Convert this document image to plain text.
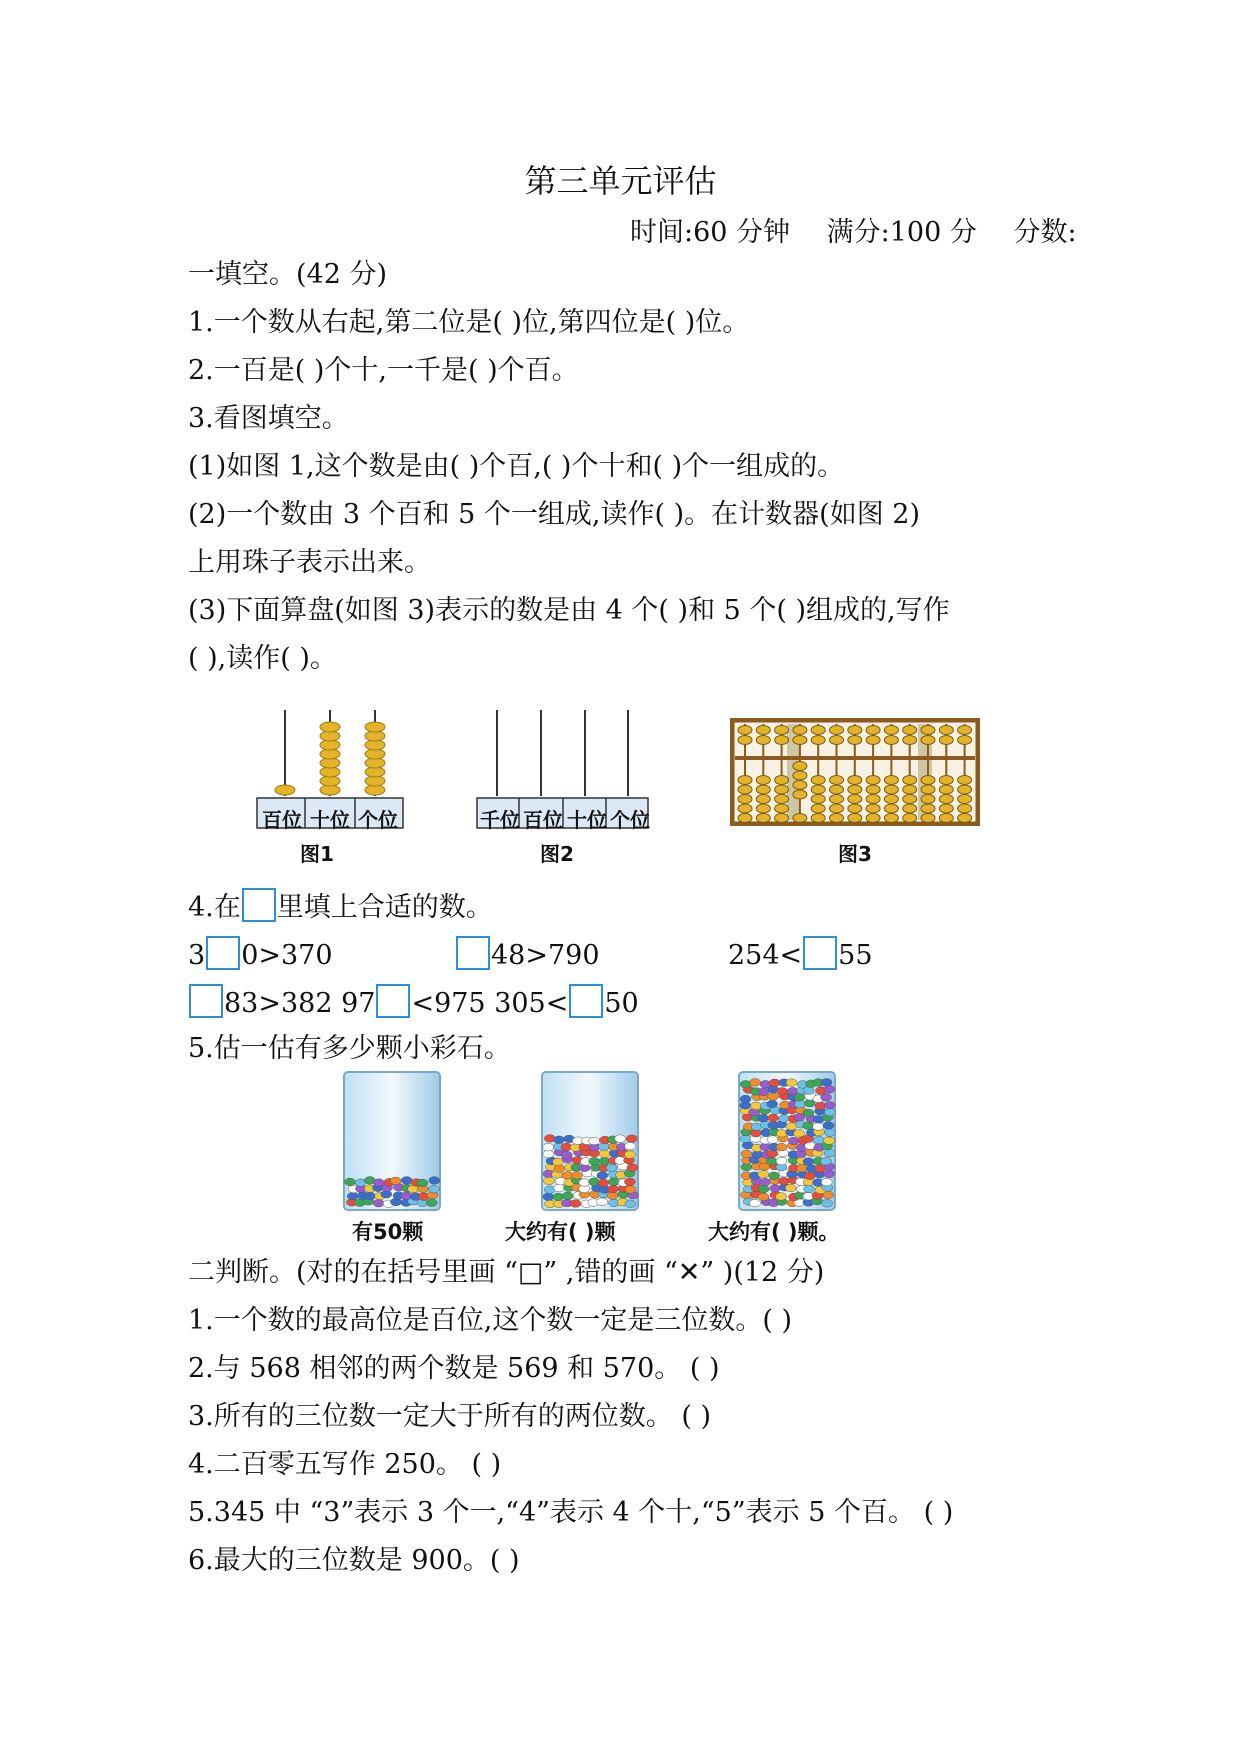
第三单元评估
时间:60 分钟 满分:100 分 分数:
一填空。(42 分)
1.一个数从右起,第二位是( )位,第四位是( )位。
2.一百是( )个十,一千是( )个百。
3.看图填空。
(1)如图 1,这个数是由( )个百,( )个十和( )个一组成的。
(2)一个数由 3 个百和 5 个一组成,读作( )。在计数器(如图 2)
上用珠子表示出来。
(3)下面算盘(如图 3)表示的数是由 4 个( )和 5 个( )组成的,写作
( ),读作( )。
百位 十位 个位
图1
千位 百位 十位 个位
图2	图3
4.在 里填上合适的数。
3 0>370	48>790	254< 55
83>382 97 <975 305< 50
5.估一估有多少颗小彩石。
有50颗	大约有( )颗	大约有( )颗。
二判断。(对的在括号里画 “□” ,错的画 “✕” )(12 分)
1.一个数的最高位是百位,这个数一定是三位数。( )
2.与 568 相邻的两个数是 569 和 570。 ( )
3.所有的三位数一定大于所有的两位数。 ( )
4.二百零五写作 250。 ( )
5.345 中 “3”表示 3 个一,“4”表示 4 个十,“5”表示 5 个百。 ( )
6.最大的三位数是 900。( )
